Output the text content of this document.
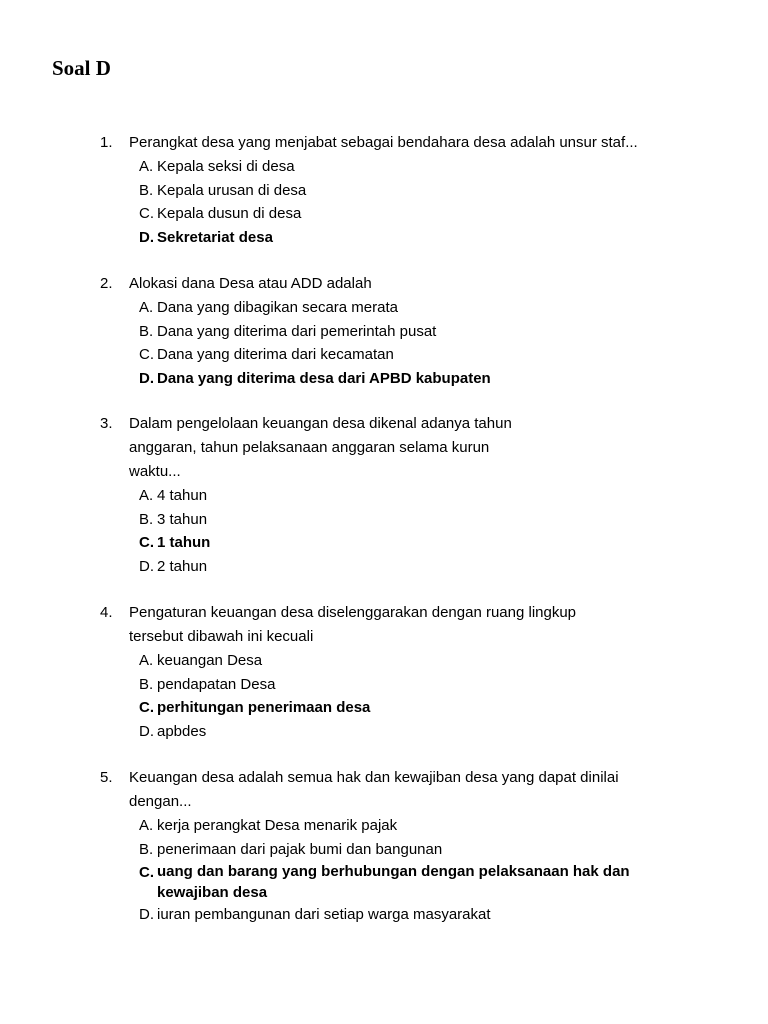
Soal D
1.	Perangkat desa yang menjabat sebagai bendahara desa adalah unsur staf...
A. Kepala seksi di desa
B. Kepala urusan di desa
C. Kepala dusun di desa
D. Sekretariat desa
2.	Alokasi dana Desa atau ADD adalah
A. Dana yang dibagikan secara merata
B. Dana yang diterima dari pemerintah pusat
C. Dana yang diterima dari kecamatan
D. Dana yang diterima desa dari APBD kabupaten
3.	Dalam pengelolaan keuangan desa dikenal adanya tahun
anggaran, tahun pelaksanaan anggaran selama kurun
waktu...
A. 4 tahun
B. 3 tahun
C. 1 tahun
D. 2 tahun
4.	Pengaturan keuangan desa diselenggarakan dengan ruang lingkup
tersebut dibawah ini kecuali
A. keuangan Desa
B. pendapatan Desa
C. perhitungan penerimaan desa
D. apbdes
5.	Keuangan desa adalah semua hak dan kewajiban desa yang dapat dinilai
dengan...
A. kerja perangkat Desa menarik pajak
B. penerimaan dari pajak bumi dan bangunan
C. uang dan barang yang berhubungan dengan pelaksanaan hak dan kewajiban desa
D. iuran pembangunan dari setiap warga masyarakat
